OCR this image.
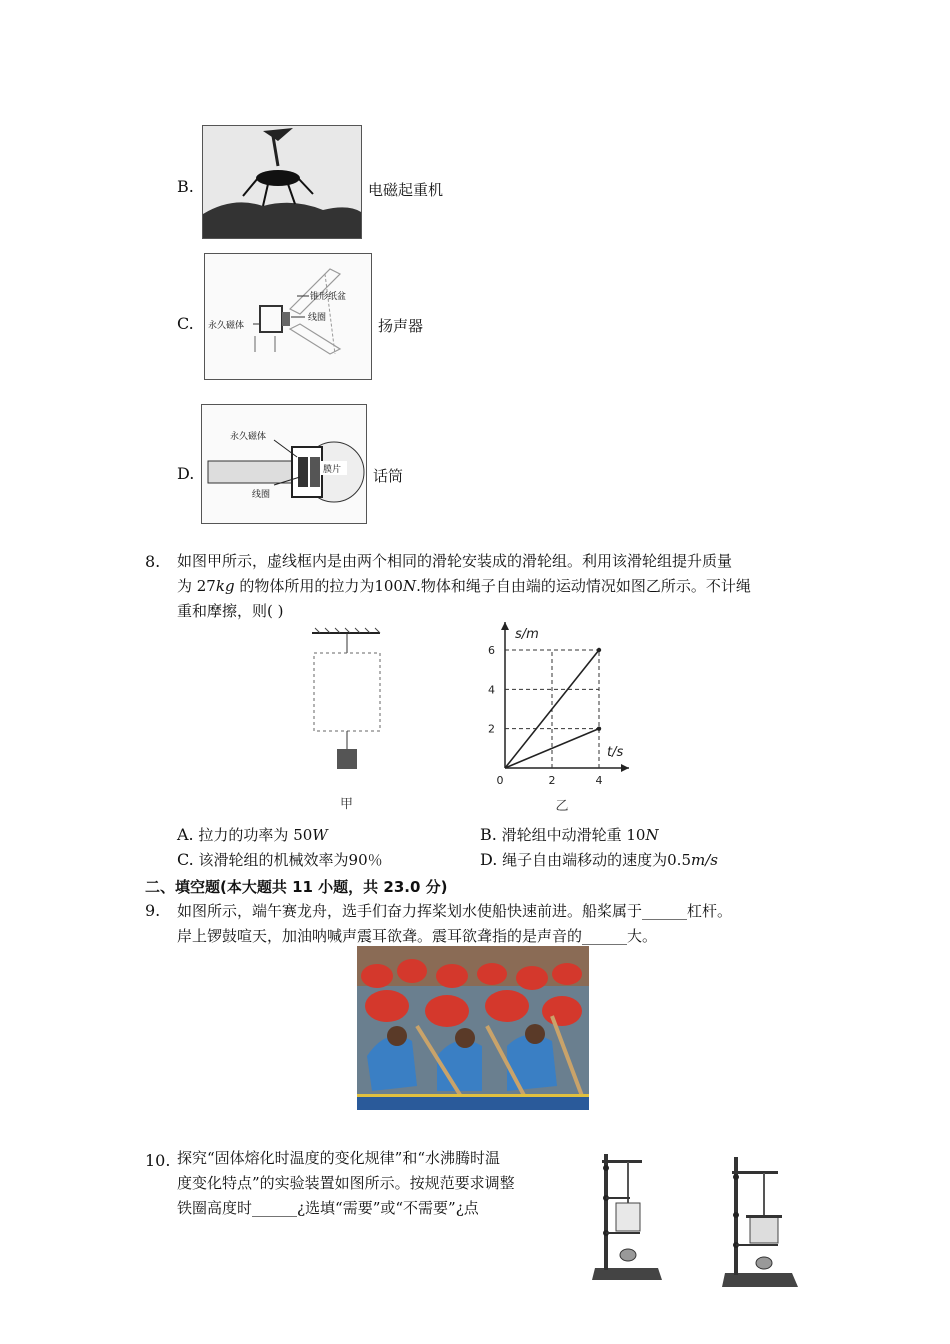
B.	电磁起重机
C.
锥形纸盆
永久磁体
线圈	扬声器
D.
永久磁体
膜片
线圈
话筒
8. 如图甲所示，虚线框内是由两个相同的滑轮安装成的滑轮组。利用该滑轮组提升质量
为 27kg 的物体所用的拉力为100N.物体和绳子自由端的运动情况如图乙所示。不计绳
重和摩擦，则( )
甲
2
4
6
0	2	4
s/m
t/s
乙
A. 拉力的功率为 50W	B. 滑轮组中动滑轮重 10N
C. 该滑轮组的机械效率为90％	D. 绳子自由端移动的速度为0.5m/s
二、填空题(本大题共 11 小题，共 23.0 分)
9. 如图所示，端午赛龙舟，选手们奋力挥桨划水使船快速前进。船桨属于______杠杆。
岸上锣鼓喧天，加油呐喊声震耳欲聋。震耳欲聋指的是声音的______大。
10. 探究“固体熔化时温度的变化规律”和“水沸腾时温
度变化特点”的实验装置如图所示。按规范要求调整
铁圈高度时______¿选填“需要”或“不需要”¿点
